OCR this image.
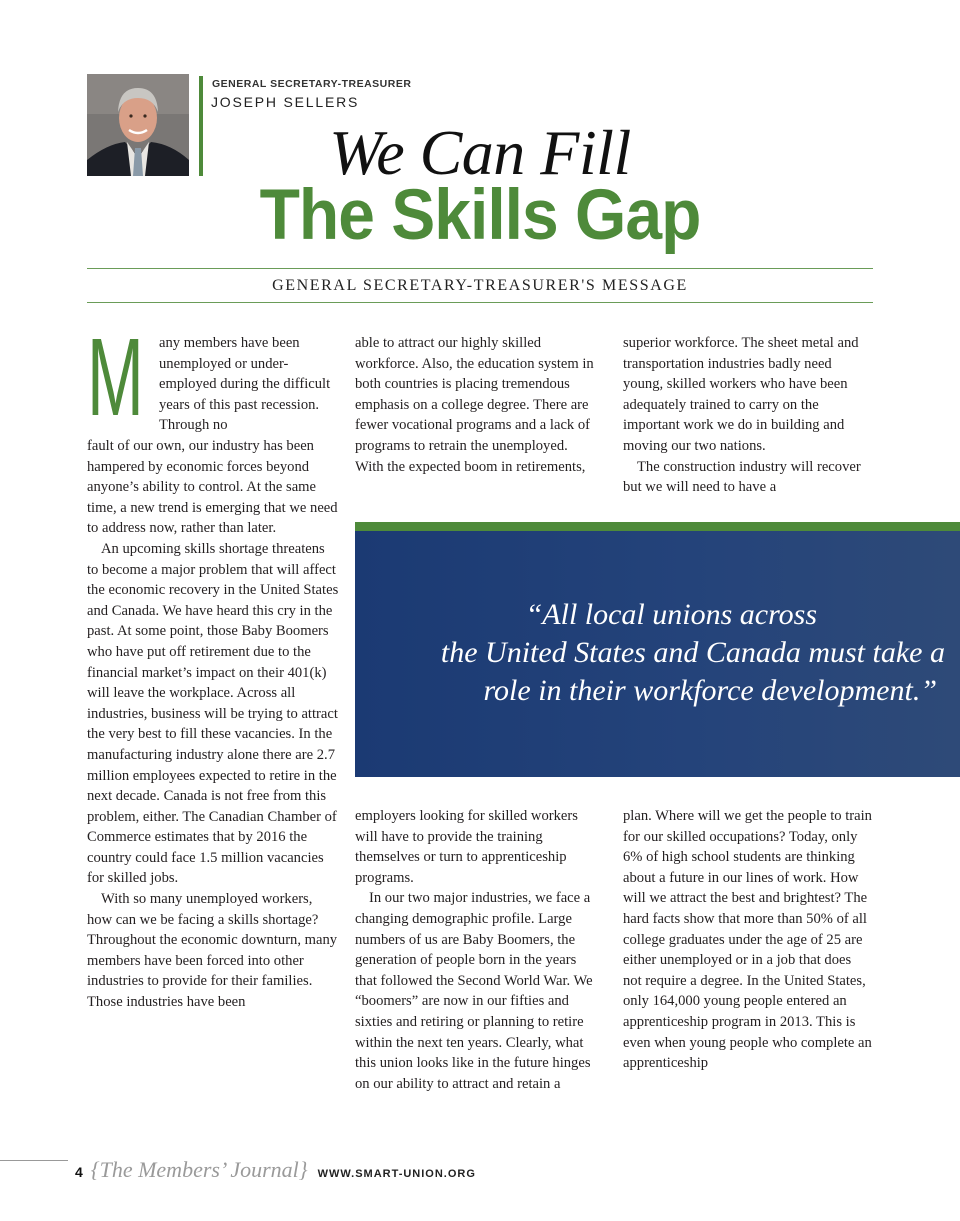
GENERAL SECRETARY-TREASURER
JOSEPH SELLERS
We Can Fill
The Skills Gap
GENERAL SECRETARY-TREASURER'S MESSAGE
M any members have been unemployed or under-employed during the difficult years of this past recession. Through no

fault of our own, our industry has been hampered by economic forces beyond anyone’s ability to control. At the same time, a new trend is emerging that we need to address now, rather than later.

An upcoming skills shortage threatens to become a major problem that will affect the economic recovery in the United States and Canada. We have heard this cry in the past. At some point, those Baby Boomers who have put off retirement due to the financial market’s impact on their 401(k) will leave the workplace. Across all industries, business will be trying to attract the very best to fill these vacancies. In the manufacturing industry alone there are 2.7 million employees expected to retire in the next decade. Canada is not free from this problem, either. The Canadian Chamber of Commerce estimates that by 2016 the country could face 1.5 million vacancies for skilled jobs.

With so many unemployed workers, how can we be facing a skills shortage? Throughout the economic downturn, many members have been forced into other industries to provide for their families. Those industries have been

able to attract our highly skilled workforce. Also, the education system in both countries is placing tremendous emphasis on a college degree. There are fewer vocational programs and a lack of programs to retrain the unemployed. With the expected boom in retirements,

superior workforce. The sheet metal and transportation industries badly need young, skilled workers who have been adequately trained to carry on the important work we do in building and moving our two nations.

The construction industry will recover but we will need to have a

“All local unions across
the United States and Canada must take a
role in their workforce development.”

employers looking for skilled workers will have to provide the training themselves or turn to apprenticeship programs.

In our two major industries, we face a changing demographic profile. Large numbers of us are Baby Boomers, the generation of people born in the years that followed the Second World War. We “boomers” are now in our fifties and sixties and retiring or planning to retire within the next ten years. Clearly, what this union looks like in the future hinges on our ability to attract and retain a

plan. Where will we get the people to train for our skilled occupations? Today, only 6% of high school students are thinking about a future in our lines of work. How will we attract the best and brightest? The hard facts show that more than 50% of all college graduates under the age of 25 are either unemployed or in a job that does not require a degree. In the United States, only 164,000 young people entered an apprenticeship program in 2013. This is even when young people who complete an apprenticeship

4 {The Members’ Journal} WWW.SMART-UNION.ORG
